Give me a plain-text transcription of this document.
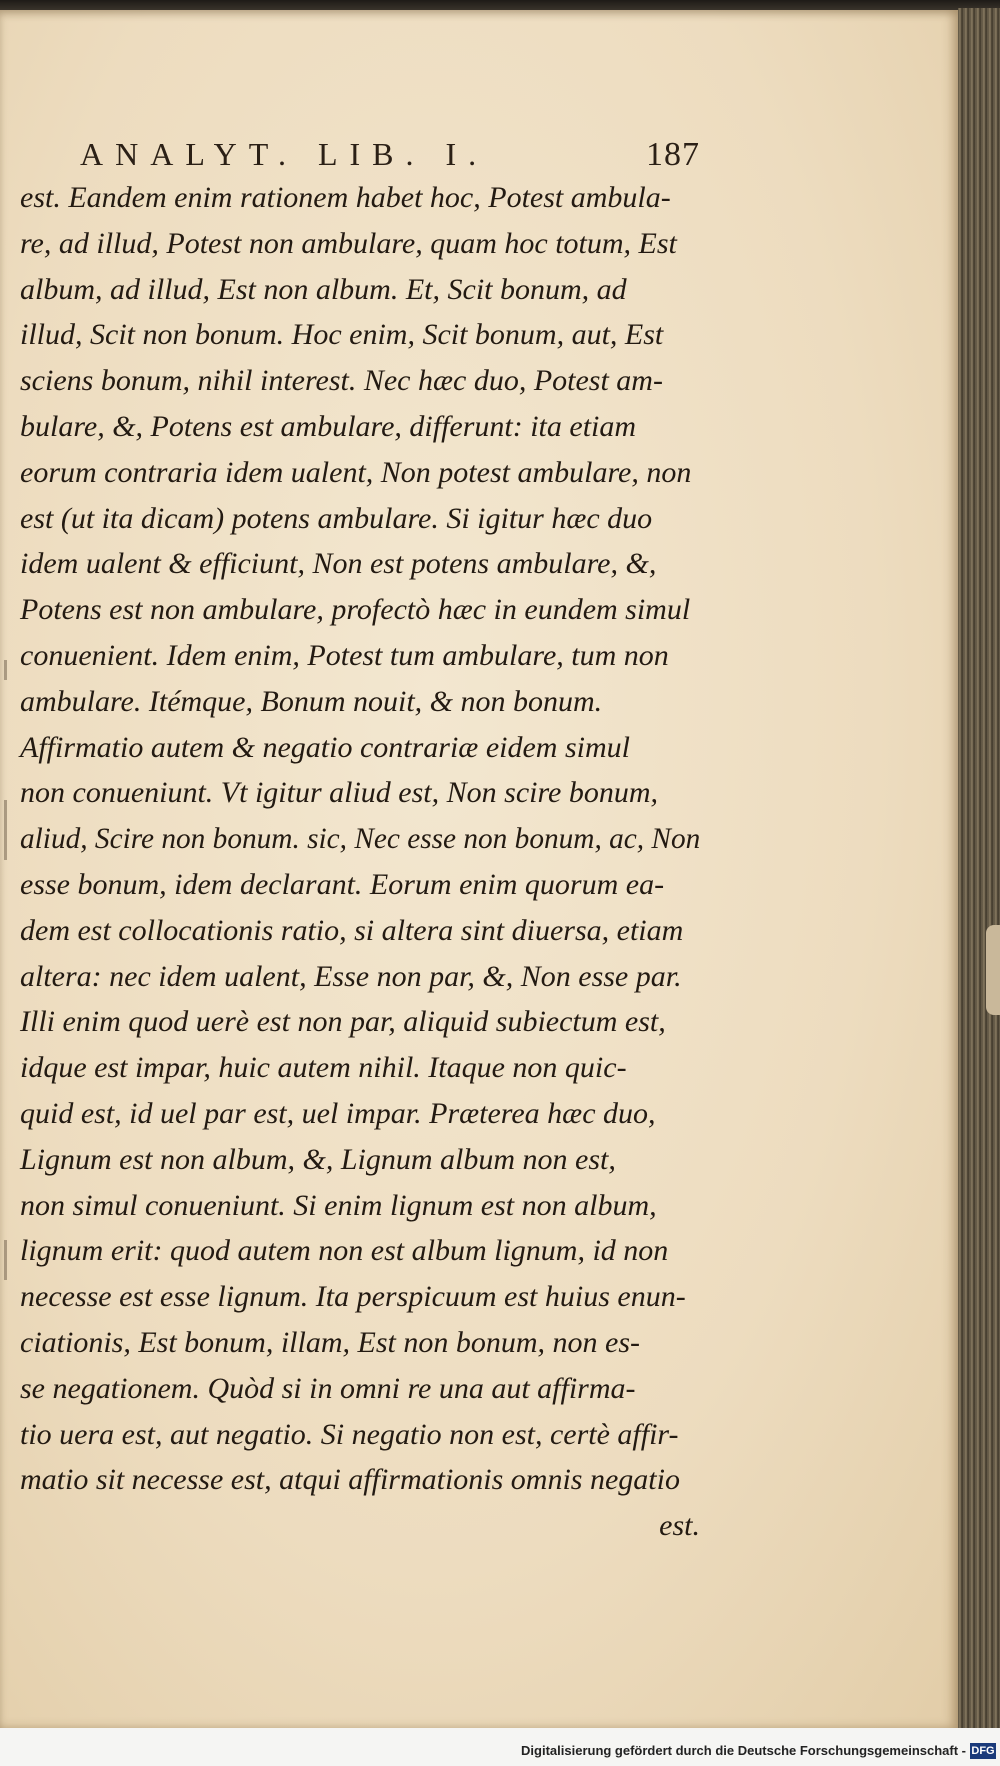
ANALYT. LIB. I.	187
est. Eandem enim rationem habet hoc, Potest ambula-
re, ad illud, Potest non ambulare, quam hoc totum, Est
album, ad illud, Est non album. Et, Scit bonum, ad
illud, Scit non bonum. Hoc enim, Scit bonum, aut, Est
sciens bonum, nihil interest. Nec hæc duo, Potest am-
bulare, &, Potens est ambulare, differunt: ita etiam
eorum contraria idem ualent, Non potest ambulare, non
est (ut ita dicam) potens ambulare. Si igitur hæc duo
idem ualent & efficiunt, Non est potens ambulare, &,
Potens est non ambulare, profectò hæc in eundem simul
conuenient. Idem enim, Potest tum ambulare, tum non
ambulare. Itémque, Bonum nouit, & non bonum.
Affirmatio autem & negatio contrariæ eidem simul
non conueniunt. Vt igitur aliud est, Non scire bonum,
aliud, Scire non bonum. sic, Nec esse non bonum, ac, Non
esse bonum, idem declarant. Eorum enim quorum ea-
dem est collocationis ratio, si altera sint diuersa, etiam
altera: nec idem ualent, Esse non par, &, Non esse par.
Illi enim quod uerè est non par, aliquid subiectum est,
idque est impar, huic autem nihil. Itaque non quic-
quid est, id uel par est, uel impar. Præterea hæc duo,
Lignum est non album, &, Lignum album non est,
non simul conueniunt. Si enim lignum est non album,
lignum erit: quod autem non est album lignum, id non
necesse est esse lignum. Ita perspicuum est huius enun-
ciationis, Est bonum, illam, Est non bonum, non es-
se negationem. Quòd si in omni re una aut affirma-
tio uera est, aut negatio. Si negatio non est, certè affir-
matio sit necesse est, atqui affirmationis omnis negatio
est.
Digitalisierung gefördert durch die Deutsche Forschungsgemeinschaft - DFG
